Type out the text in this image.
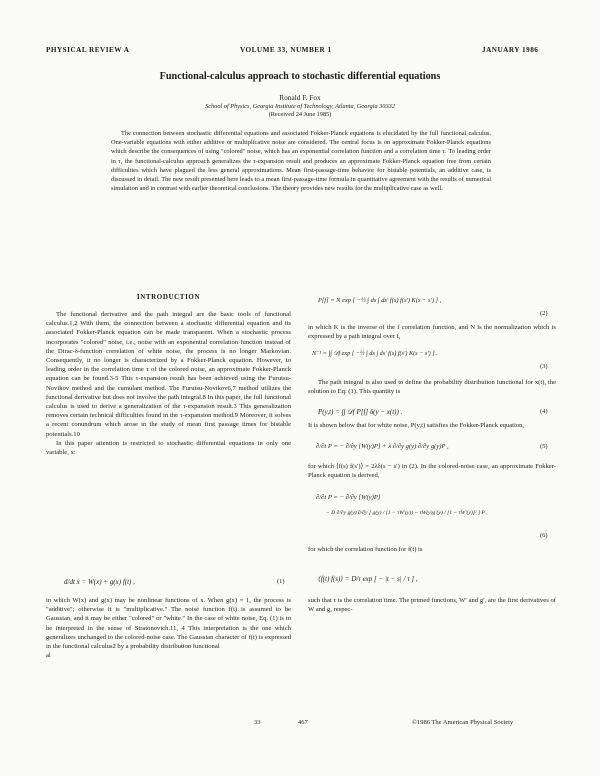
PHYSICAL REVIEW A	VOLUME 33, NUMBER 1	JANUARY 1986
Functional-calculus approach to stochastic differential equations
Ronald F. Fox
School of Physics, Georgia Institute of Technology, Atlanta, Georgia 30332
(Received 24 June 1985)

The connection between stochastic differential equations and associated Fokker-Planck equations is elucidated by the full functional calculus. One-variable equations with either additive or multiplicative noise are considered. The central focus is on approximate Fokker-Planck equations which describe the consequences of using "colored" noise, which has an exponential correlation function and a correlation time τ. To leading order in τ, the functional-calculus approach generalizes the τ-expansion result and produces an approximate Fokker-Planck equation free from certain difficulties which have plagued the less general approximations. Mean first-passage-time behavior for bistable potentials, an additive case, is discussed in detail. The new result presented here leads to a mean first-passage-time formula in quantitative agreement with the results of numerical simulation and in contrast with earlier theoretical conclusions. The theory provides new results for the multiplicative case as well.

INTRODUCTION

The functional derivative and the path integral are the basic tools of functional calculus.1,2 With them, the connection between a stochastic differential equation and its associated Fokker-Planck equation can be made transparent. When a stochastic process incorporates "colored" noise, i.e., noise with an exponential correlation function instead of the Dirac-δ-function correlation of white noise, the process is no longer Markovian. Consequently, it no longer is characterized by a Fokker-Planck equation. However, to leading order in the correlation time τ of the colored noise, an approximate Fokker-Planck equation can be found.3-5 This τ-expansion result has been achieved using the Furutsu-Novikov method and the cumulant method. The Furutsu-Novikov6,7 method utilizes the functional derivative but does not involve the path integral.8 In this paper, the full functional calculus is used to derive a generalization of the τ-expansion result.3 This generalization removes certain technical difficulties found in the τ-expansion method.9 Moreover, it solves a recent conundrum which arose in the study of mean first passage times for bistable potentials.10

In this paper attention is restricted to stochastic differential equations in only one variable, x:

d/dt x = W(x) + g(x) f(t) ,	(1)

in which W(x) and g(x) may be nonlinear functions of x. When g(x) = 1, the process is "additive"; otherwise it is "multiplicative." The noise function f(t) is assumed to be Gaussian, and it may be either "colored" or "white." In the case of white noise, Eq. (1) is to be interpreted in the sense of Stratonovich.11, 4 This interpretation is the one which generalizes unchanged to the colored-noise case. The Gaussian character of f(t) is expressed in the functional calculus2 by a probability distribution functional

al

P[f] = N exp [ −½ ∫ ds ∫ ds′ f(s) f(s′) K(s − s′) ] ,
(2)

in which K is the inverse of the f correlation function, and N is the normalization which is expressed by a path integral over f,

N⁻¹ = ∫∫ 𝒟f exp [ −½ ∫ ds ∫ ds′ f(s) f(s′) K(s − s′) ] .
(3)

The path integral is also used to define the probability distribution functional for x(t), the solution to Eq. (1). This quantity is

P(y,t) = ∫∫ 𝒟f P[f] δ(y − x(t)) .	(4)

It is shown below that for white noise, P(y,t) satisfies the Fokker-Planck equation,

∂/∂t P = − ∂/∂y [W(y)P] + λ ∂/∂y g(y) ∂/∂y g(y)P ,	(5)

for which ⟨f(s) f(s′)⟩ = 2λδ(s − s′) in (2). In the colored-noise case, an approximate Fokker-Planck equation is derived,

∂/∂t P = − ∂/∂y [W(y)P]
− D ∂/∂y g(y) ∂/∂y [ g(y) / (1 − τW′(y)) − τW(y)g′(y) / [1 − τW′(y)]² ] P ,
(6)

for which the correlation function for f(t) is

⟨f(t) f(s)⟩ = D/τ exp [ − |t − s| / τ ] ,

such that τ is the correlation time. The primed functions, W′ and g′, are the first derivatives of W and g, respec-

33	467	©1986 The American Physical Society
